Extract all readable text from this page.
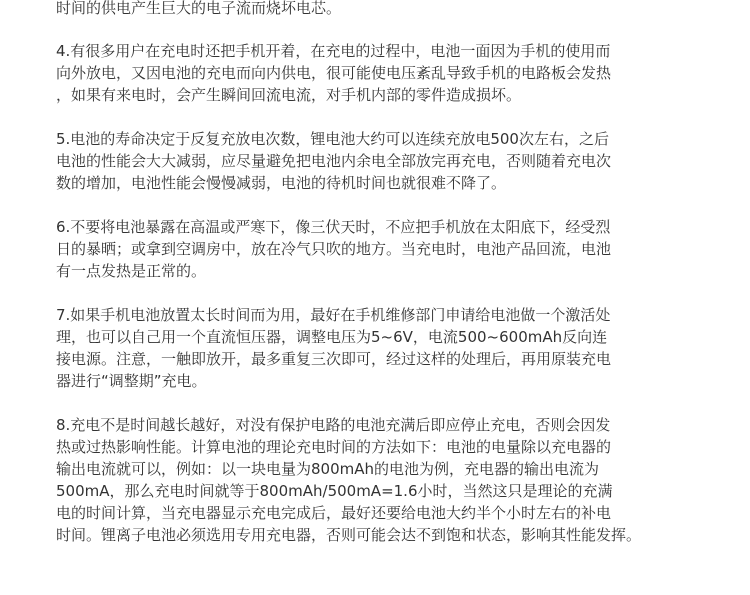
时间的供电产生巨大的电子流而烧坏电芯。
4.有很多用户在充电时还把手机开着，在充电的过程中，电池一面因为手机的使用而
向外放电，又因电池的充电而向内供电，很可能使电压紊乱导致手机的电路板会发热
，如果有来电时，会产生瞬间回流电流，对手机内部的零件造成损坏。
5.电池的寿命决定于反复充放电次数，锂电池大约可以连续充放电500次左右，之后
电池的性能会大大减弱，应尽量避免把电池内余电全部放完再充电，否则随着充电次
数的增加，电池性能会慢慢减弱，电池的待机时间也就很难不降了。
6.不要将电池暴露在高温或严寒下，像三伏天时，不应把手机放在太阳底下，经受烈
日的暴晒；或拿到空调房中，放在冷气只吹的地方。当充电时，电池产品回流，电池
有一点发热是正常的。
7.如果手机电池放置太长时间而为用，最好在手机维修部门申请给电池做一个激活处
理，也可以自己用一个直流恒压器，调整电压为5~6V，电流500~600mAh反向连
接电源。注意，一触即放开，最多重复三次即可，经过这样的处理后，再用原装充电
器进行“调整期”充电。
8.充电不是时间越长越好，对没有保护电路的电池充满后即应停止充电，否则会因发
热或过热影响性能。计算电池的理论充电时间的方法如下：电池的电量除以充电器的
输出电流就可以，例如：以一块电量为800mAh的电池为例，充电器的输出电流为
500mA，那么充电时间就等于800mAh/500mA=1.6小时，当然这只是理论的充满
电的时间计算，当充电器显示充电完成后，最好还要给电池大约半个小时左右的补电
时间。锂离子电池必须选用专用充电器，否则可能会达不到饱和状态，影响其性能发挥。
